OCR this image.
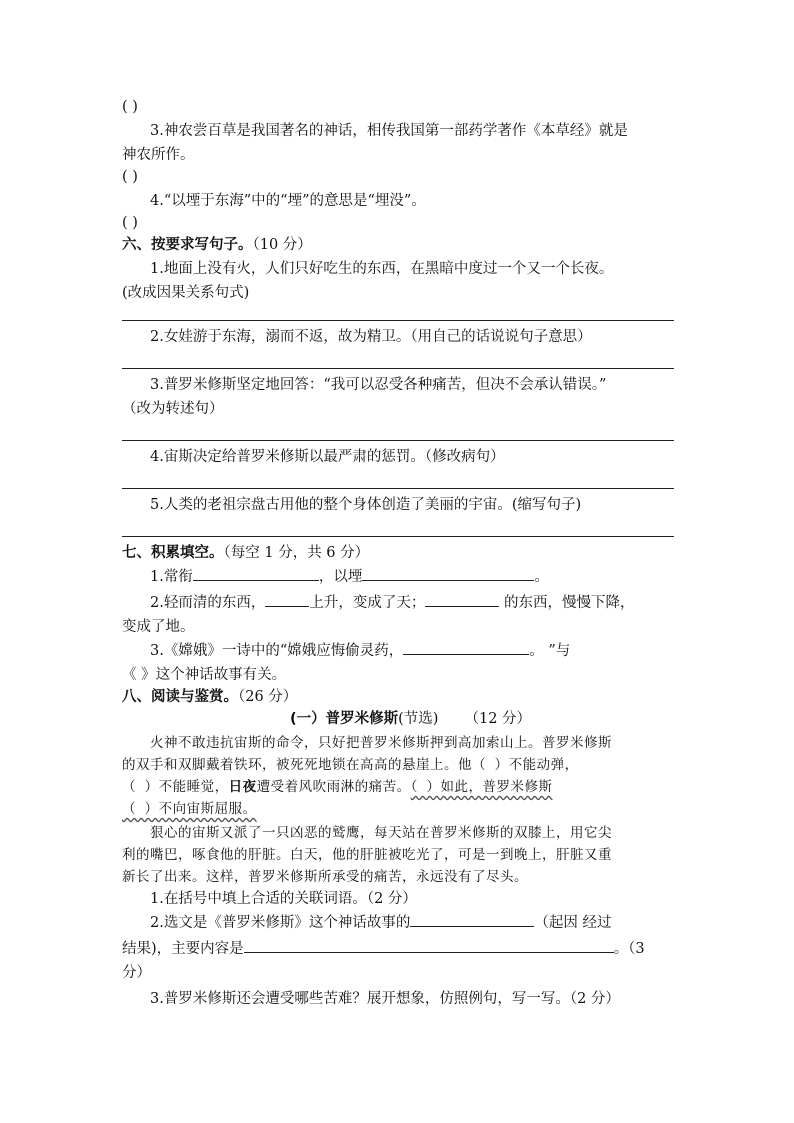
( )
3.神农尝百草是我国著名的神话，相传我国第一部药学著作《本草经》就是
神农所作。
( )
4.“以堙于东海”中的“堙”的意思是“埋没”。
( )
六、按要求写句子。（10 分）
1.地面上没有火，人们只好吃生的东西，在黑暗中度过一个又一个长夜。
(改成因果关系句式)
2.女娃游于东海，溺而不返，故为精卫。（用自己的话说说句子意思）
3.普罗米修斯坚定地回答：“我可以忍受各种痛苦，但决不会承认错误。”
（改为转述句）
4.宙斯决定给普罗米修斯以最严肃的惩罚。（修改病句）
5.人类的老祖宗盘古用他的整个身体创造了美丽的宇宙。(缩写句子)
七、积累填空。（每空 1 分，共 6 分）
1.常衔	，以堙	。
2.轻而清的东西，	上升，变成了天；	的东西，慢慢下降，
变成了地。
3.《嫦娥》一诗中的“嫦娥应悔偷灵药，	。 ”与
《 》这个神话故事有关。
八、阅读与鉴赏。（26 分）
(一）普罗米修斯(节选) （12 分）
火神不敢违抗宙斯的命令，只好把普罗米修斯押到高加索山上。普罗米修斯
的双手和双脚戴着铁环，被死死地锁在高高的悬崖上。他（ ）不能动弹，
（ ）不能睡觉，日夜遭受着风吹雨淋的痛苦。（ ）如此，普罗米修斯
（ ）不向宙斯屈服。
狠心的宙斯又派了一只凶恶的鹫鹰，每天站在普罗米修斯的双膝上，用它尖
利的嘴巴，啄食他的肝脏。白天，他的肝脏被吃光了，可是一到晚上，肝脏又重
新长了出来。这样，普罗米修斯所承受的痛苦，永远没有了尽头。
1.在括号中填上合适的关联词语。（2 分）
2.选文是《普罗米修斯》这个神话故事的	（起因 经过
结果)，主要内容是	。（3
分）
3.普罗米修斯还会遭受哪些苦难？展开想象，仿照例句，写一写。（2 分）
